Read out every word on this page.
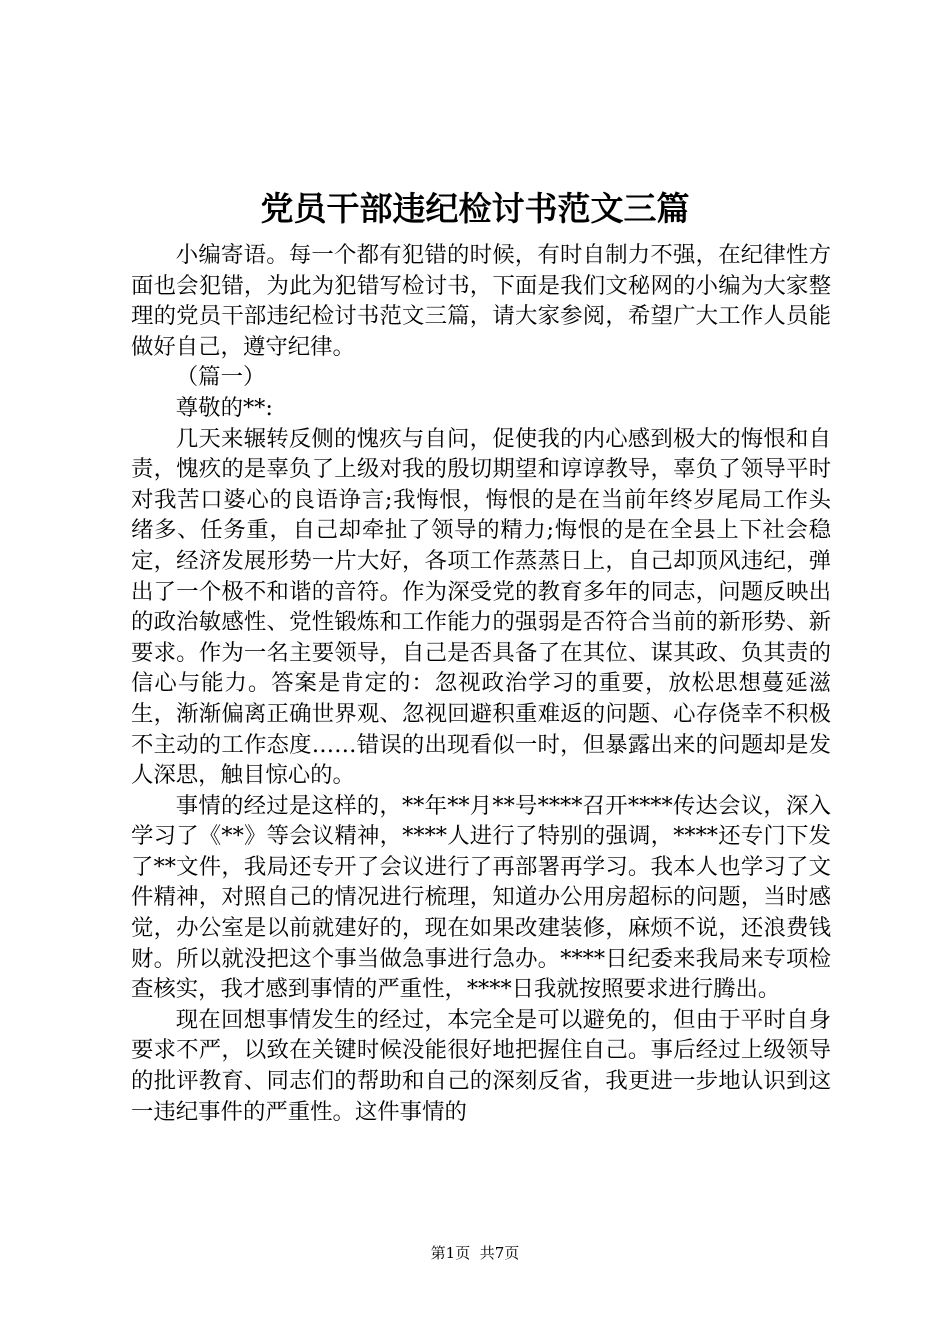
党员干部违纪检讨书范文三篇

小编寄语。每一个都有犯错的时候，有时自制力不强，在纪律性方面也会犯错，为此为犯错写检讨书，下面是我们文秘网的小编为大家整理的党员干部违纪检讨书范文三篇，请大家参阅，希望广大工作人员能做好自己，遵守纪律。

（篇一）

尊敬的**:

几天来辗转反侧的愧疚与自问，促使我的内心感到极大的悔恨和自责，愧疚的是辜负了上级对我的殷切期望和谆谆教导，辜负了领导平时对我苦口婆心的良语诤言;我悔恨，悔恨的是在当前年终岁尾局工作头绪多、任务重，自己却牵扯了领导的精力;悔恨的是在全县上下社会稳定，经济发展形势一片大好，各项工作蒸蒸日上，自己却顶风违纪，弹出了一个极不和谐的音符。作为深受党的教育多年的同志，问题反映出的政治敏感性、党性锻炼和工作能力的强弱是否符合当前的新形势、新要求。作为一名主要领导，自己是否具备了在其位、谋其政、负其责的信心与能力。答案是肯定的：忽视政治学习的重要，放松思想蔓延滋生，渐渐偏离正确世界观、忽视回避积重难返的问题、心存侥幸不积极不主动的工作态度……错误的出现看似一时，但暴露出来的问题却是发人深思，触目惊心的。

事情的经过是这样的，**年**月**号****召开****传达会议，深入学习了《**》等会议精神，****人进行了特别的强调，****还专门下发了**文件，我局还专开了会议进行了再部署再学习。我本人也学习了文件精神，对照自己的情况进行梳理，知道办公用房超标的问题，当时感觉，办公室是以前就建好的，现在如果改建装修，麻烦不说，还浪费钱财。所以就没把这个事当做急事进行急办。****日纪委来我局来专项检查核实，我才感到事情的严重性，****日我就按照要求进行腾出。

现在回想事情发生的经过，本完全是可以避免的，但由于平时自身要求不严，以致在关键时候没能很好地把握住自己。事后经过上级领导的批评教育、同志们的帮助和自己的深刻反省，我更进一步地认识到这一违纪事件的严重性。这件事情的

第1页 共7页
